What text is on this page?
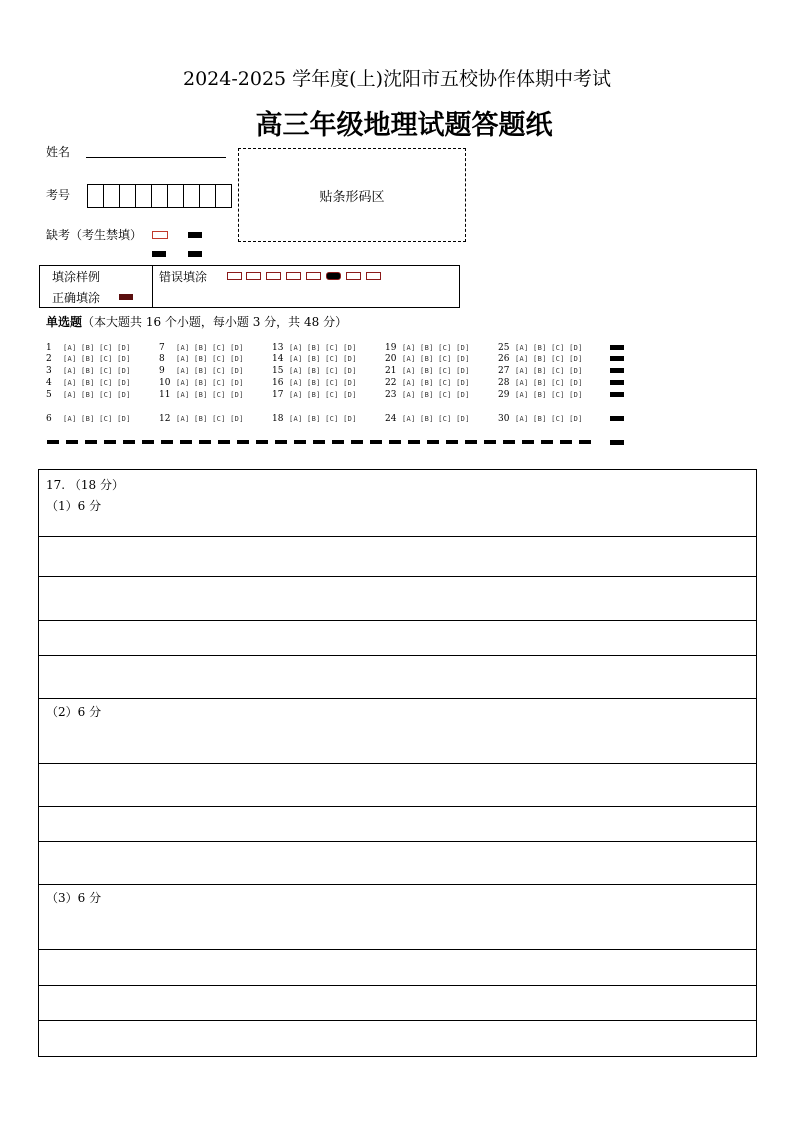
2024-2025 学年度(上)沈阳市五校协作体期中考试
高三年级地理试题答题纸
姓名
考号
缺考（考生禁填）
贴条形码区
填涂样例
正确填涂
错误填涂
单选题（本大题共 16 个小题，每小题 3 分，共 48 分）
1 [A] [B] [C] [D]
2 [A] [B] [C] [D]
3 [A] [B] [C] [D]
4 [A] [B] [C] [D]
5 [A] [B] [C] [D]
6 [A] [B] [C] [D]
7 [A] [B] [C] [D]
8 [A] [B] [C] [D]
9 [A] [B] [C] [D]
10 [A] [B] [C] [D]
11 [A] [B] [C] [D]
12 [A] [B] [C] [D]
13 [A] [B] [C] [D]
14 [A] [B] [C] [D]
15 [A] [B] [C] [D]
16 [A] [B] [C] [D]
17 [A] [B] [C] [D]
18 [A] [B] [C] [D]
19 [A] [B] [C] [D]
20 [A] [B] [C] [D]
21 [A] [B] [C] [D]
22 [A] [B] [C] [D]
23 [A] [B] [C] [D]
24 [A] [B] [C] [D]
25 [A] [B] [C] [D]
26 [A] [B] [C] [D]
27 [A] [B] [C] [D]
28 [A] [B] [C] [D]
29 [A] [B] [C] [D]
30 [A] [B] [C] [D]
17. （18 分）
（1）6 分
（2）6 分
（3）6 分
